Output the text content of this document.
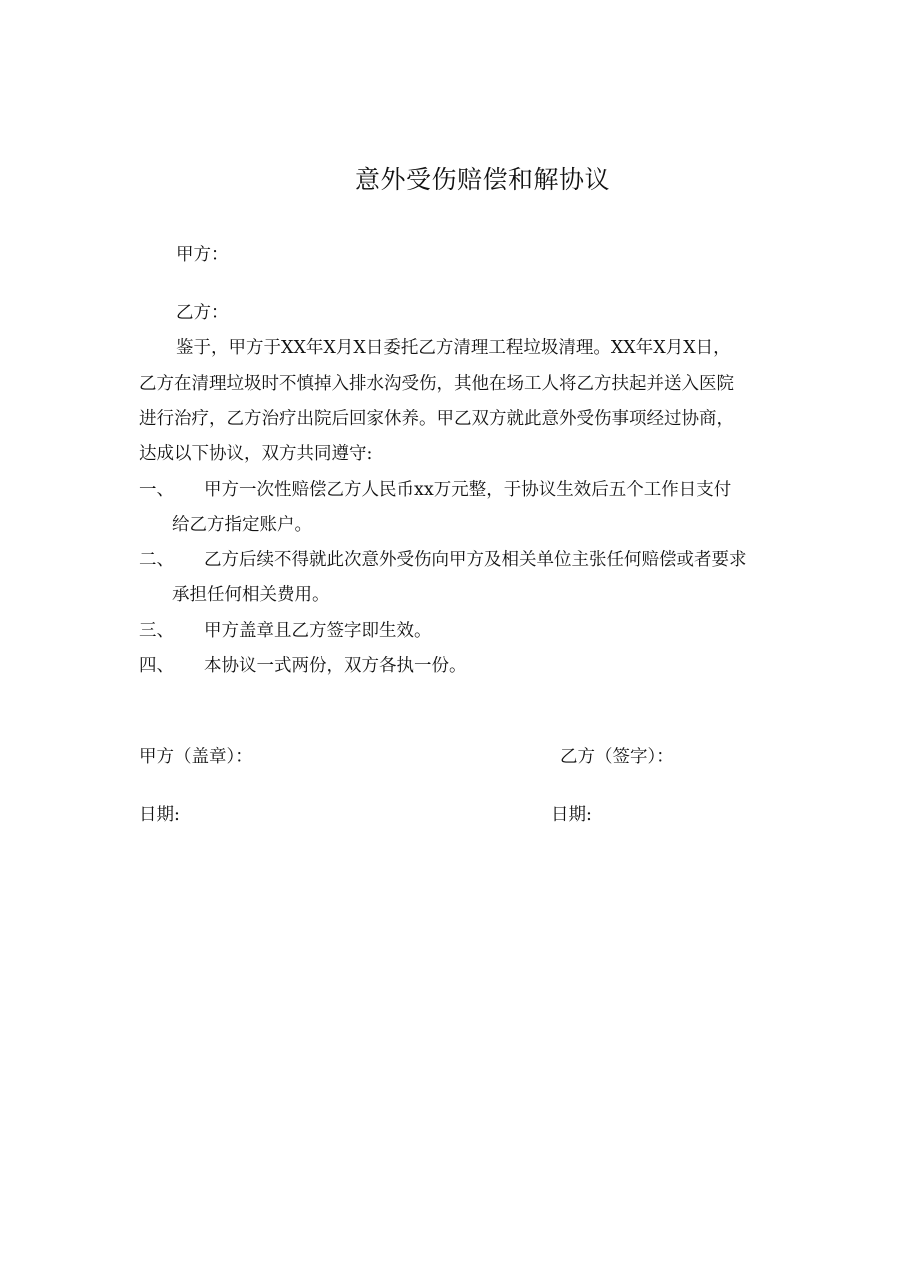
意外受伤赔偿和解协议
甲方：
乙方：
鉴于，甲方于XX年X月X日委托乙方清理工程垃圾清理。XX年X月X日，
乙方在清理垃圾时不慎掉入排水沟受伤，其他在场工人将乙方扶起并送入医院
进行治疗，乙方治疗出院后回家休养。甲乙双方就此意外受伤事项经过协商，
达成以下协议，双方共同遵守:
一、 甲方一次性赔偿乙方人民币xx万元整，于协议生效后五个工作日支付
给乙方指定账户。
二、 乙方后续不得就此次意外受伤向甲方及相关单位主张任何赔偿或者要求
承担任何相关费用。
三、 甲方盖章且乙方签字即生效。
四、 本协议一式两份，双方各执一份。
甲方（盖章）：	乙方（签字）：
日期:	日期:
